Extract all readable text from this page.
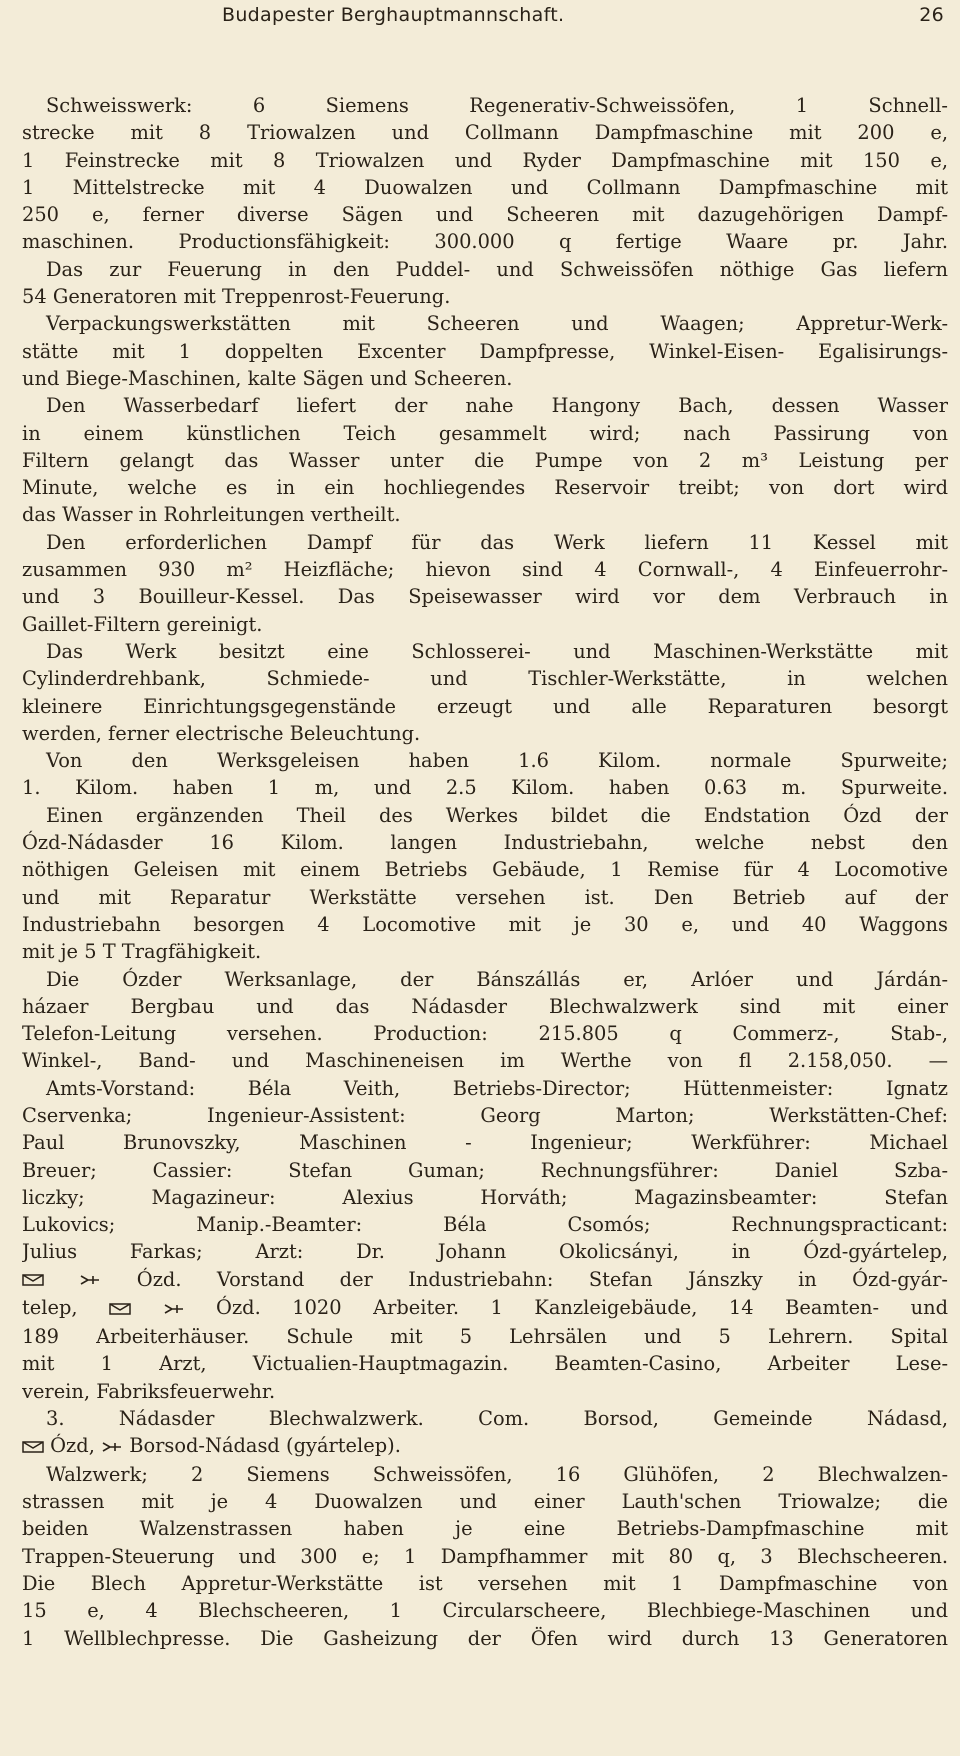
Budapester Berghauptmannschaft.	26
Schweisswerk: 6 Siemens Regenerativ-Schweissöfen, 1 Schnell-
strecke mit 8 Triowalzen und Collmann Dampfmaschine mit 200 e,
1 Feinstrecke mit 8 Triowalzen und Ryder Dampfmaschine mit 150 e,
1 Mittelstrecke mit 4 Duowalzen und Collmann Dampfmaschine mit
250 e, ferner diverse Sägen und Scheeren mit dazugehörigen Dampf-
maschinen. Productionsfähigkeit: 300.000 q fertige Waare pr. Jahr.
Das zur Feuerung in den Puddel- und Schweissöfen nöthige Gas liefern
54 Generatoren mit Treppenrost-Feuerung.
Verpackungswerkstätten mit Scheeren und Waagen; Appretur-Werk-
stätte mit 1 doppelten Excenter Dampfpresse, Winkel-Eisen- Egalisirungs-
und Biege-Maschinen, kalte Sägen und Scheeren.
Den Wasserbedarf liefert der nahe Hangony Bach, dessen Wasser
in einem künstlichen Teich gesammelt wird; nach Passirung von
Filtern gelangt das Wasser unter die Pumpe von 2 m³ Leistung per
Minute, welche es in ein hochliegendes Reservoir treibt; von dort wird
das Wasser in Rohrleitungen vertheilt.
Den erforderlichen Dampf für das Werk liefern 11 Kessel mit
zusammen 930 m² Heizfläche; hievon sind 4 Cornwall-, 4 Einfeuerrohr-
und 3 Bouilleur-Kessel. Das Speisewasser wird vor dem Verbrauch in
Gaillet-Filtern gereinigt.
Das Werk besitzt eine Schlosserei- und Maschinen-Werkstätte mit
Cylinderdrehbank, Schmiede- und Tischler-Werkstätte, in welchen
kleinere Einrichtungsgegenstände erzeugt und alle Reparaturen besorgt
werden, ferner electrische Beleuchtung.
Von den Werksgeleisen haben 1.6 Kilom. normale Spurweite;
1. Kilom. haben 1 m, und 2.5 Kilom. haben 0.63 m. Spurweite.
Einen ergänzenden Theil des Werkes bildet die Endstation Ózd der
Ózd-Nádasder 16 Kilom. langen Industriebahn, welche nebst den
nöthigen Geleisen mit einem Betriebs Gebäude, 1 Remise für 4 Locomotive
und mit Reparatur Werkstätte versehen ist. Den Betrieb auf der
Industriebahn besorgen 4 Locomotive mit je 30 e, und 40 Waggons
mit je 5 T Tragfähigkeit.
Die Ózder Werksanlage, der Bánszállás er, Arlóer und Járdán-
házaer Bergbau und das Nádasder Blechwalzwerk sind mit einer
Telefon-Leitung versehen. Production: 215.805 q Commerz-, Stab-,
Winkel-, Band- und Maschineneisen im Werthe von fl 2.158,050. —
Amts-Vorstand: Béla Veith, Betriebs-Director; Hüttenmeister: Ignatz
Cservenka; Ingenieur-Assistent: Georg Marton; Werkstätten-Chef:
Paul Brunovszky, Maschinen - Ingenieur; Werkführer: Michael
Breuer; Cassier: Stefan Guman; Rechnungsführer: Daniel Szba-
liczky; Magazineur: Alexius Horváth; Magazinsbeamter: Stefan
Lukovics; Manip.-Beamter: Béla Csomós; Rechnungspracticant:
Julius Farkas; Arzt: Dr. Johann Okolicsányi, in Ózd-gyártelep,
Ózd. Vorstand der Industriebahn: Stefan Jánszky in Ózd-gyár-
telep,	Ózd. 1020 Arbeiter. 1 Kanzleigebäude, 14 Beamten- und
189 Arbeiterhäuser. Schule mit 5 Lehrsälen und 5 Lehrern. Spital
mit 1 Arzt, Victualien-Hauptmagazin. Beamten-Casino, Arbeiter Lese-
verein, Fabriksfeuerwehr.
3. Nádasder Blechwalzwerk. Com. Borsod, Gemeinde Nádasd,
Ózd,  Borsod-Nádasd (gyártelep).
Walzwerk; 2 Siemens Schweissöfen, 16 Glühöfen, 2 Blechwalzen-
strassen mit je 4 Duowalzen und einer Lauth'schen Triowalze; die
beiden Walzenstrassen haben je eine Betriebs-Dampfmaschine mit
Trappen-Steuerung und 300 e; 1 Dampfhammer mit 80 q, 3 Blechscheeren.
Die Blech Appretur-Werkstätte ist versehen mit 1 Dampfmaschine von
15 e, 4 Blechscheeren, 1 Circularscheere, Blechbiege-Maschinen und
1 Wellblechpresse. Die Gasheizung der Öfen wird durch 13 Generatoren
